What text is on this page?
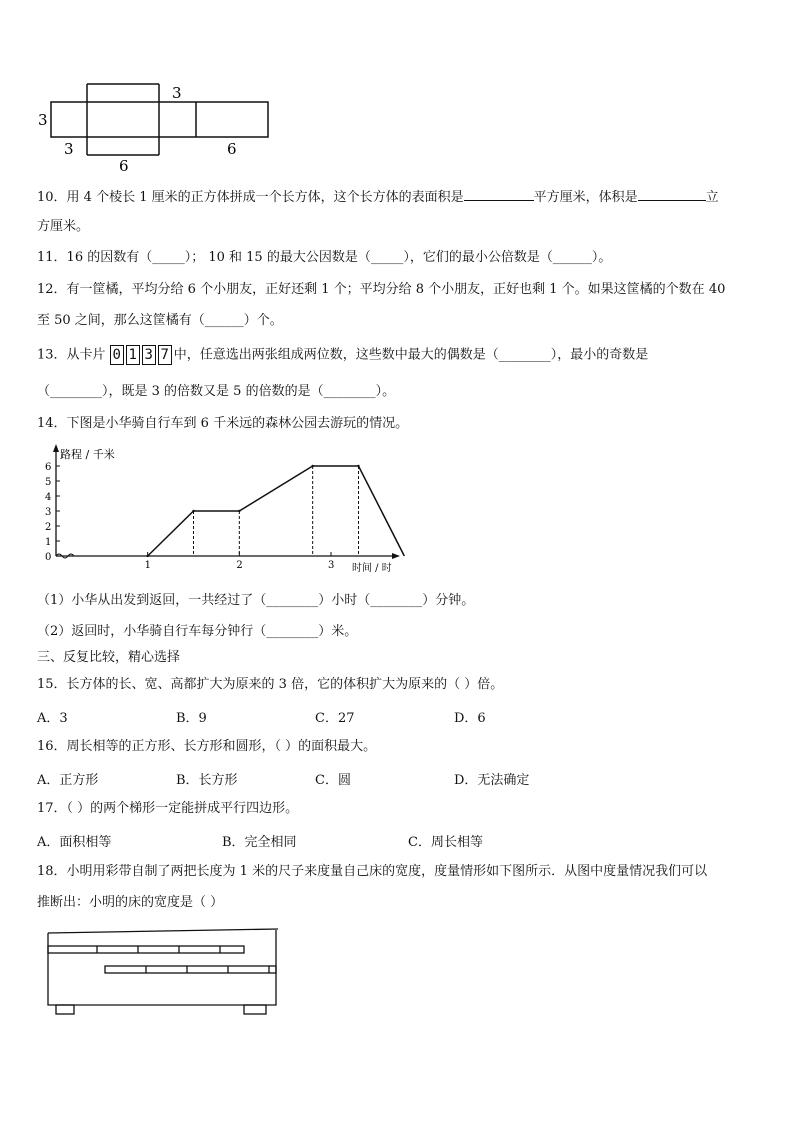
3
3
3
6
6
10．用 4 个棱长 1 厘米的正方体拼成一个长方体，这个长方体的表面积是	平方厘米，体积是	立
方厘米。
11．16 的因数有（_____）； 10 和 15 的最大公因数是（_____），它们的最小公倍数是（______）。
12．有一筐橘，平均分给 6 个小朋友，正好还剩 1 个；平均分给 8 个小朋友，正好也剩 1 个。如果这筐橘的个数在 40
至 50 之间，那么这筐橘有（______）个。
13．从卡片 0 1 3 7 中，任意选出两张组成两位数，这些数中最大的偶数是（________），最小的奇数是
（________），既是 3 的倍数又是 5 的倍数的是（________）。
14．下图是小华骑自行车到 6 千米远的森林公园去游玩的情况。
0
1
2
3
4
5
6
1	2	3
路程 / 千米
时间 / 时
（1）小华从出发到返回，一共经过了（________）小时（________）分钟。
（2）返回时，小华骑自行车每分钟行（________）米。
三、反复比较，精心选择
15．长方体的长、宽、高都扩大为原来的 3 倍，它的体积扩大为原来的（ ）倍。
A．3	B．9	C．27	D．6
16．周长相等的正方形、长方形和圆形，（ ）的面积最大。
A．正方形	B．长方形	C．圆	D．无法确定
17．（ ）的两个梯形一定能拼成平行四边形。
A．面积相等	B．完全相同	C．周长相等
18．小明用彩带自制了两把长度为 1 米的尺子来度量自己床的宽度，度量情形如下图所示．从图中度量情况我们可以
推断出：小明的床的宽度是（ ）
